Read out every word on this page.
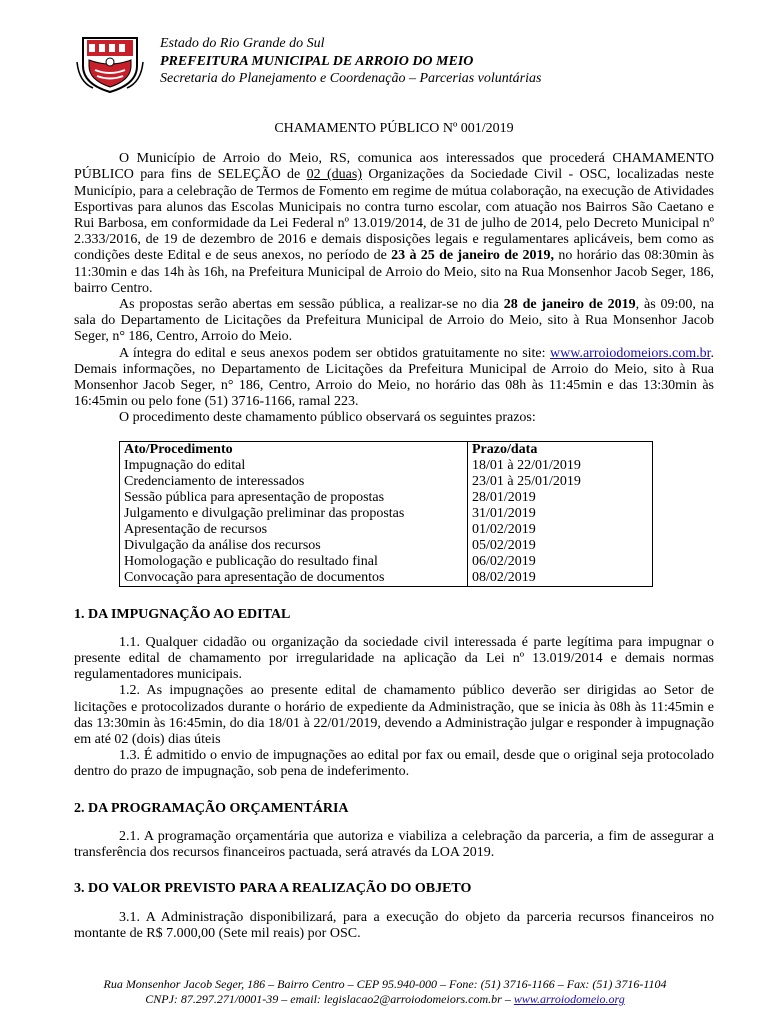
Estado do Rio Grande do Sul
PREFEITURA MUNICIPAL DE ARROIO DO MEIO
Secretaria do Planejamento e Coordenação – Parcerias voluntárias
CHAMAMENTO PÚBLICO Nº 001/2019
O Município de Arroio do Meio, RS, comunica aos interessados que procederá CHAMAMENTO PÚBLICO para fins de SELEÇÃO de 02 (duas) Organizações da Sociedade Civil - OSC, localizadas neste Município, para a celebração de Termos de Fomento em regime de mútua colaboração, na execução de Atividades Esportivas para alunos das Escolas Municipais no contra turno escolar, com atuação nos Bairros São Caetano e Rui Barbosa, em conformidade da Lei Federal nº 13.019/2014, de 31 de julho de 2014, pelo Decreto Municipal nº 2.333/2016, de 19 de dezembro de 2016 e demais disposições legais e regulamentares aplicáveis, bem como as condições deste Edital e de seus anexos, no período de 23 à 25 de janeiro de 2019, no horário das 08:30min às 11:30min e das 14h às 16h, na Prefeitura Municipal de Arroio do Meio, sito na Rua Monsenhor Jacob Seger, 186, bairro Centro.
As propostas serão abertas em sessão pública, a realizar-se no dia 28 de janeiro de 2019, às 09:00, na sala do Departamento de Licitações da Prefeitura Municipal de Arroio do Meio, sito à Rua Monsenhor Jacob Seger, n° 186, Centro, Arroio do Meio.
A íntegra do edital e seus anexos podem ser obtidos gratuitamente no site: www.arroiodomeiors.com.br. Demais informações, no Departamento de Licitações da Prefeitura Municipal de Arroio do Meio, sito à Rua Monsenhor Jacob Seger, n° 186, Centro, Arroio do Meio, no horário das 08h às 11:45min e das 13:30min às 16:45min ou pelo fone (51) 3716-1166, ramal 223.
O procedimento deste chamamento público observará os seguintes prazos:
Ato/Procedimento	Prazo/data
Impugnação do edital	18/01 à 22/01/2019
Credenciamento de interessados	23/01 à 25/01/2019
Sessão pública para apresentação de propostas	28/01/2019
Julgamento e divulgação preliminar das propostas	31/01/2019
Apresentação de recursos	01/02/2019
Divulgação da análise dos recursos	05/02/2019
Homologação e publicação do resultado final	06/02/2019
Convocação para apresentação de documentos	08/02/2019
1. DA IMPUGNAÇÃO AO EDITAL
1.1. Qualquer cidadão ou organização da sociedade civil interessada é parte legítima para impugnar o presente edital de chamamento por irregularidade na aplicação da Lei nº 13.019/2014 e demais normas regulamentadores municipais.
1.2. As impugnações ao presente edital de chamamento público deverão ser dirigidas ao Setor de licitações e protocolizados durante o horário de expediente da Administração, que se inicia às 08h às 11:45min e das 13:30min às 16:45min, do dia 18/01 à 22/01/2019, devendo a Administração julgar e responder à impugnação em até 02 (dois) dias úteis
1.3. É admitido o envio de impugnações ao edital por fax ou email, desde que o original seja protocolado dentro do prazo de impugnação, sob pena de indeferimento.
2. DA PROGRAMAÇÃO ORÇAMENTÁRIA
2.1. A programação orçamentária que autoriza e viabiliza a celebração da parceria, a fim de assegurar a transferência dos recursos financeiros pactuada, será através da LOA 2019.
3. DO VALOR PREVISTO PARA A REALIZAÇÃO DO OBJETO
3.1. A Administração disponibilizará, para a execução do objeto da parceria recursos financeiros no montante de R$ 7.000,00 (Sete mil reais) por OSC.
Rua Monsenhor Jacob Seger, 186 – Bairro Centro – CEP 95.940-000 – Fone: (51) 3716-1166 – Fax: (51) 3716-1104
CNPJ: 87.297.271/0001-39 – email: legislacao2@arroiodomeiors.com.br – www.arroiodomeio.org
